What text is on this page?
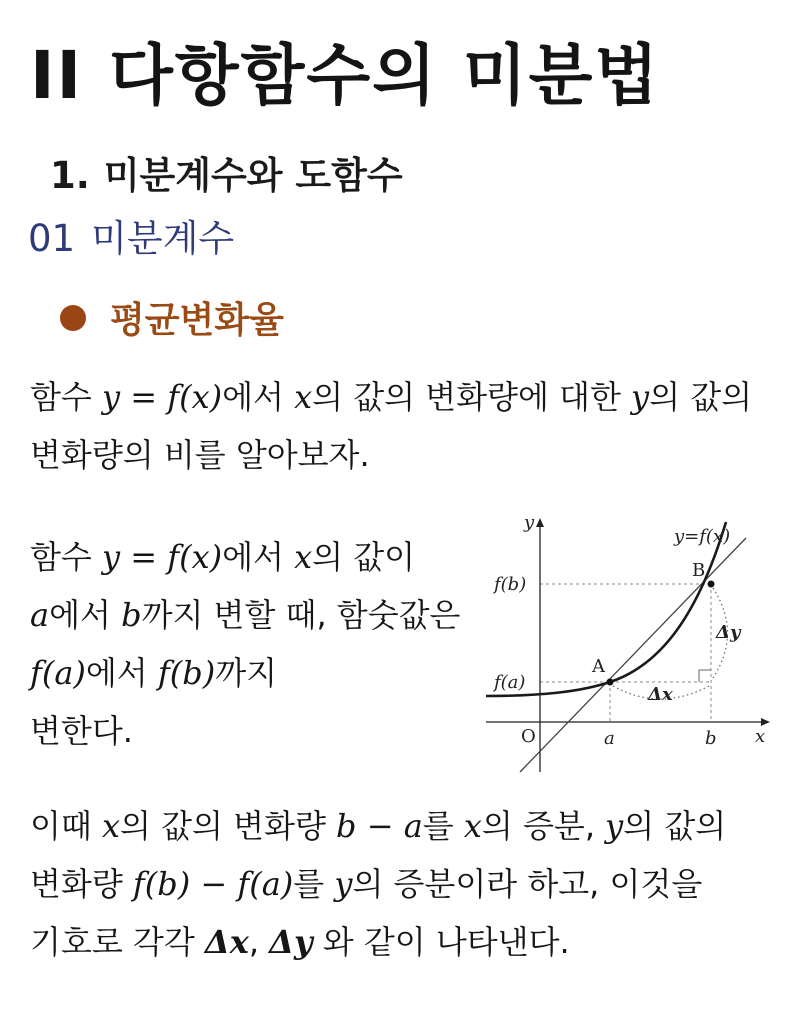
II 다항함수의 미분법
1. 미분계수와 도함수
01 미분계수
평균변화율
함수 y = f(x)에서 x의 값의 변화량에 대한 y의 값의
변화량의 비를 알아보자.
함수 y = f(x)에서 x의 값이
a에서 b까지 변할 때, 함숫값은
f(a)에서 f(b)까지
변한다.
y
y=f(x)
f(b)
B
Δy
A
f(a)
Δx
O	a	b x
이때 x의 값의 변화량 b − a를 x의 증분, y의 값의
변화량 f(b) − f(a)를 y의 증분이라 하고, 이것을
기호로 각각 Δx, Δy 와 같이 나타낸다.
